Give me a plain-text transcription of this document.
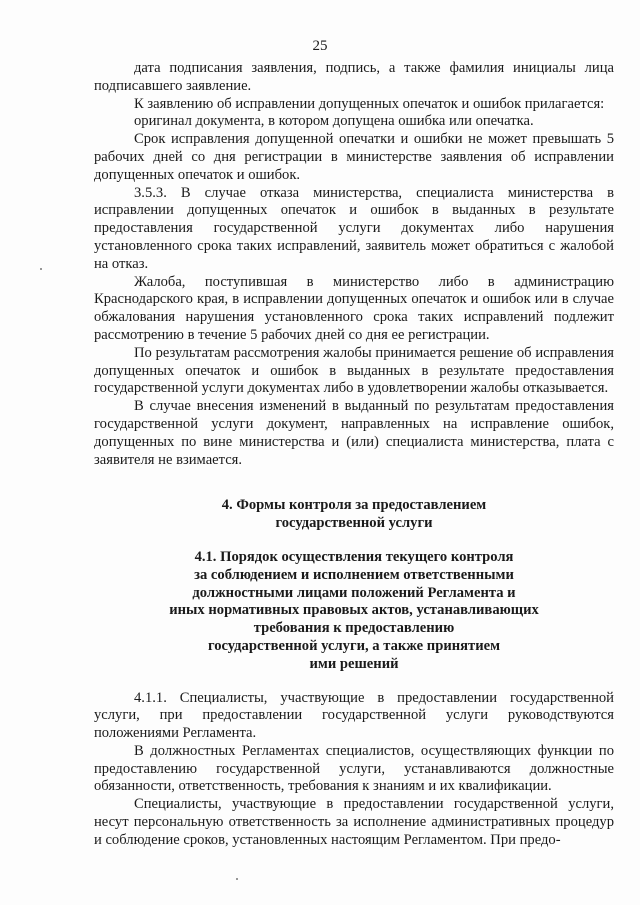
25

дата подписания заявления, подпись, а также фамилия инициалы лица подписавшего заявление.

К заявлению об исправлении допущенных опечаток и ошибок прилагается:

оригинал документа, в котором допущена ошибка или опечатка.

Срок исправления допущенной опечатки и ошибки не может превышать 5 рабочих дней со дня регистрации в министерстве заявления об исправлении допущенных опечаток и ошибок.

3.5.3. В случае отказа министерства, специалиста министерства в исправлении допущенных опечаток и ошибок в выданных в результате предоставления государственной услуги документах либо нарушения установленного срока таких исправлений, заявитель может обратиться с жалобой на отказ.

Жалоба, поступившая в министерство либо в администрацию Краснодарского края, в исправлении допущенных опечаток и ошибок или в случае обжалования нарушения установленного срока таких исправлений подлежит рассмотрению в течение 5 рабочих дней со дня ее регистрации.

По результатам рассмотрения жалобы принимается решение об исправления допущенных опечаток и ошибок в выданных в результате предоставления государственной услуги документах либо в удовлетворении жалобы отказывается.

В случае внесения изменений в выданный по результатам предоставления государственной услуги документ, направленных на исправление ошибок, допущенных по вине министерства и (или) специалиста министерства, плата с заявителя не взимается.

4. Формы контроля за предоставлением
государственной услуги
4.1. Порядок осуществления текущего контроля
за соблюдением и исполнением ответственными
должностными лицами положений Регламента и
иных нормативных правовых актов, устанавливающих
требования к предоставлению
государственной услуги, а также принятием
ими решений

4.1.1. Специалисты, участвующие в предоставлении государственной услуги, при предоставлении государственной услуги руководствуются положениями Регламента.

В должностных Регламентах специалистов, осуществляющих функции по предоставлению государственной услуги, устанавливаются должностные обязанности, ответственность, требования к знаниям и их квалификации.

Специалисты, участвующие в предоставлении государственной услуги, несут персональную ответственность за исполнение административных процедур и соблюдение сроков, установленных настоящим Регламентом. При предо-
